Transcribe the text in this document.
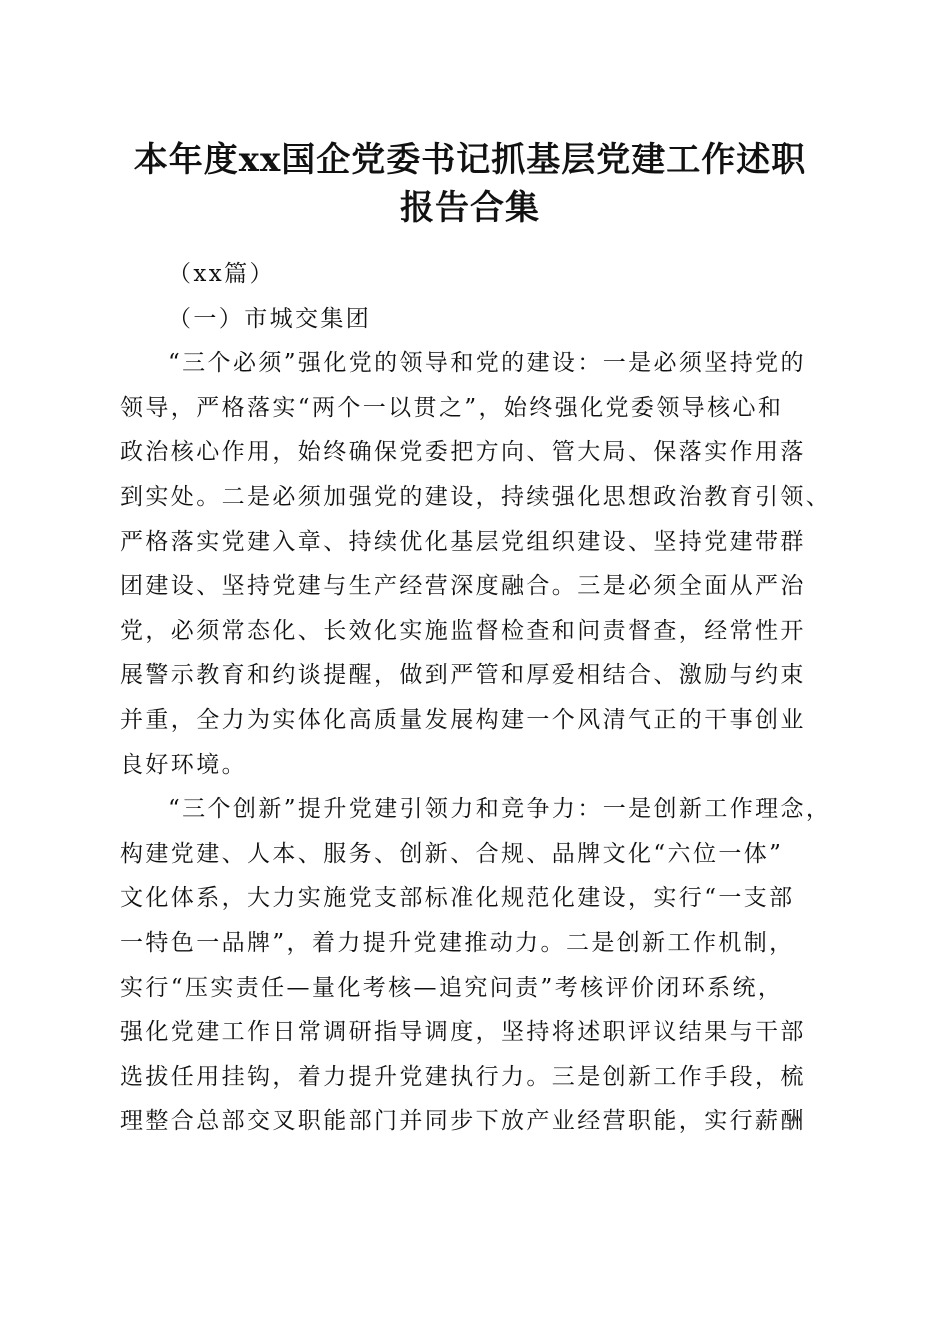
本年度xx国企党委书记抓基层党建工作述职
报告合集
（xx篇）
（一）市城交集团
“三个必须”强化党的领导和党的建设：一是必须坚持党的
领导，严格落实“两个一以贯之”，始终强化党委领导核心和
政治核心作用，始终确保党委把方向、管大局、保落实作用落
到实处。二是必须加强党的建设，持续强化思想政治教育引领、
严格落实党建入章、持续优化基层党组织建设、坚持党建带群
团建设、坚持党建与生产经营深度融合。三是必须全面从严治
党，必须常态化、长效化实施监督检查和问责督查，经常性开
展警示教育和约谈提醒，做到严管和厚爱相结合、激励与约束
并重，全力为实体化高质量发展构建一个风清气正的干事创业
良好环境。
“三个创新”提升党建引领力和竞争力：一是创新工作理念，
构建党建、人本、服务、创新、合规、品牌文化“六位一体”
文化体系，大力实施党支部标准化规范化建设，实行“一支部
一特色一品牌”，着力提升党建推动力。二是创新工作机制，
实行“压实责任—量化考核—追究问责”考核评价闭环系统，
强化党建工作日常调研指导调度，坚持将述职评议结果与干部
选拔任用挂钩，着力提升党建执行力。三是创新工作手段，梳
理整合总部交叉职能部门并同步下放产业经营职能，实行薪酬
